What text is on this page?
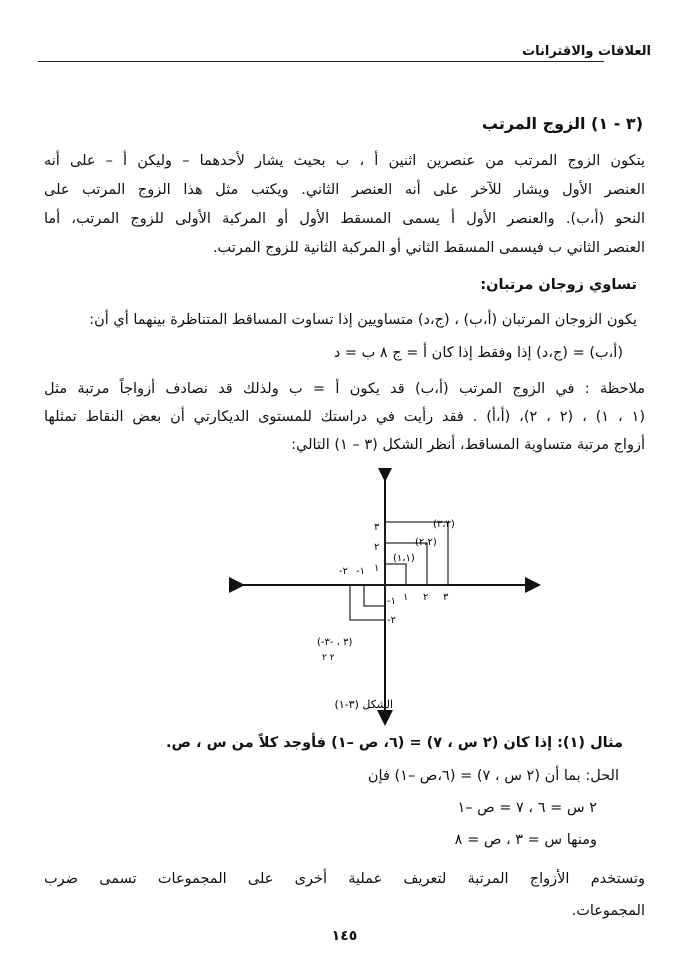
العلاقات والاقترانات
(٣ - ١) الزوج المرتب
يتكون الزوج المرتب من عنصرين اثنين أ ، ب بحيث يشار لأحدهما – وليكن أ – على أنه
العنصر الأول ويشار للآخر على أنه العنصر الثاني. ويكتب مثل هذا الزوج المرتب على
النحو (أ،ب). والعنصر الأول أ يسمى المسقط الأول أو المركبة الأولى للزوج المرتب، أما
العنصر الثاني ب فيسمى المسقط الثاني أو المركبة الثانية للزوج المرتب.
تساوي زوجان مرتبان:
يكون الزوجان المرتبان (أ،ب) ، (ج،د) متساويين إذا تساوت المساقط المتناظرة بينهما أي أن:
(أ،ب) = (ج،د) إذا وفقط إذا كان أ = ج ٨ ب = د
ملاحظة : في الزوج المرتب (أ،ب) قد يكون أ = ب ولذلك قد نصادف أزواجاً مرتبة مثل
(١ ، ١) ، (٢ ، ٢)، (أ،أ) . فقد رأيت في دراستك للمستوى الديكارتي أن بعض النقاط تمثلها
أزواج مرتبة متساوية المساقط، أنظر الشكل (٣ – ١) التالي:
(١،١)
(٢،٢)
(٣،٣)
١ ٢ ٣
١
٢
٣
-٢ -١
-١
-٢
(-٣ ، -٣)
٢ ٢
الشكل (٣-١)
مثال (١): إذا كان (٢ س ، ٧) = (٦، ص –١) فأوجد كلاً من س ، ص.
الحل: بما أن (٢ س ، ٧) = (٦،ص –١) فإن
٢ س = ٦ ، ٧ = ص –١
ومنها س = ٣ ، ص = ٨
وتستخدم الأزواج المرتبة لتعريف عملية أخرى على المجموعات تسمى ضرب
المجموعات.
١٤٥
